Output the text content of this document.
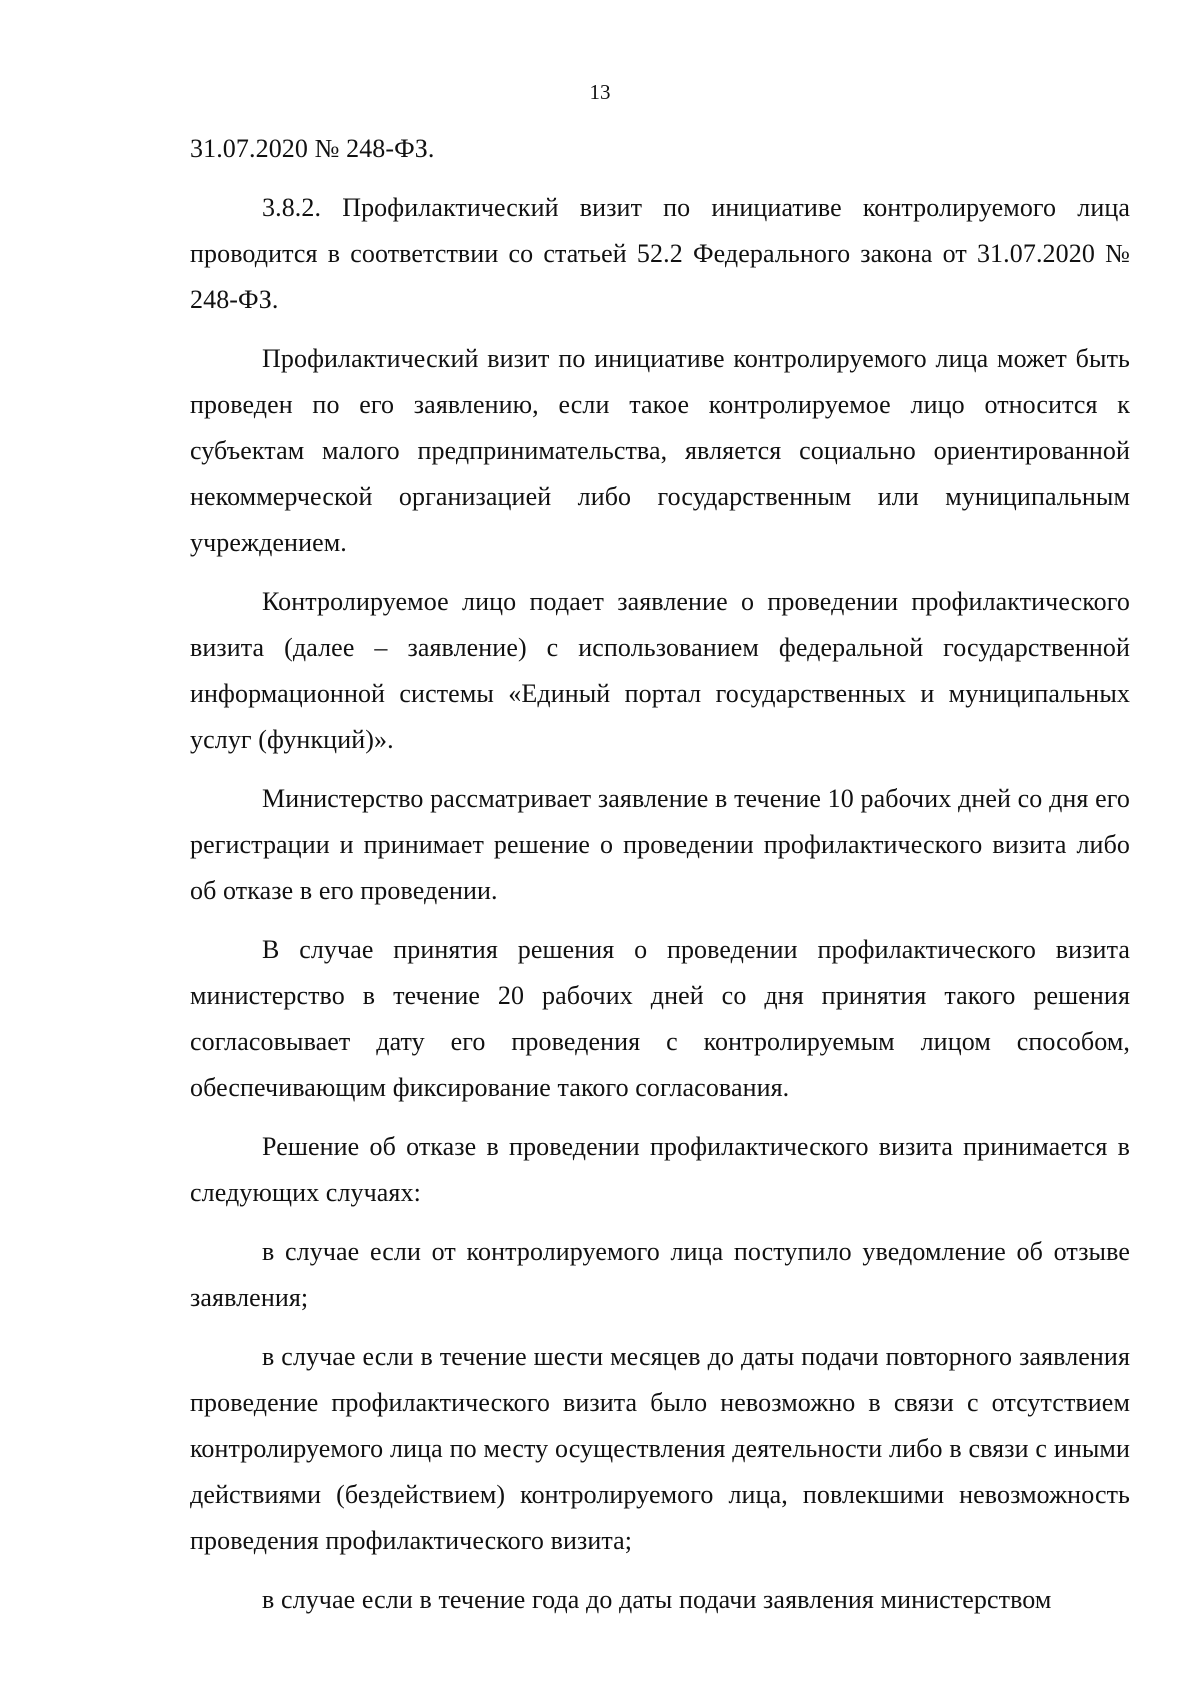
13

31.07.2020 № 248-ФЗ.

3.8.2. Профилактический визит по инициативе контролируемого лица проводится в соответствии со статьей 52.2 Федерального закона от 31.07.2020 № 248-ФЗ.

Профилактический визит по инициативе контролируемого лица может быть проведен по его заявлению, если такое контролируемое лицо относится к субъектам малого предпринимательства, является социально ориентированной некоммерческой организацией либо государственным или муниципальным учреждением.

Контролируемое лицо подает заявление о проведении профилактического визита (далее – заявление) с использованием федеральной государственной информационной системы «Единый портал государственных и муниципальных услуг (функций)».

Министерство рассматривает заявление в течение 10 рабочих дней со дня его регистрации и принимает решение о проведении профилактического визита либо об отказе в его проведении.

В случае принятия решения о проведении профилактического визита министерство в течение 20 рабочих дней со дня принятия такого решения согласовывает дату его проведения с контролируемым лицом способом, обеспечивающим фиксирование такого согласования.

Решение об отказе в проведении профилактического визита принимается в следующих случаях:

в случае если от контролируемого лица поступило уведомление об отзыве заявления;

в случае если в течение шести месяцев до даты подачи повторного заявления проведение профилактического визита было невозможно в связи с отсутствием контролируемого лица по месту осуществления деятельности либо в связи с иными действиями (бездействием) контролируемого лица, повлекшими невозможность проведения профилактического визита;

в случае если в течение года до даты подачи заявления министерством
